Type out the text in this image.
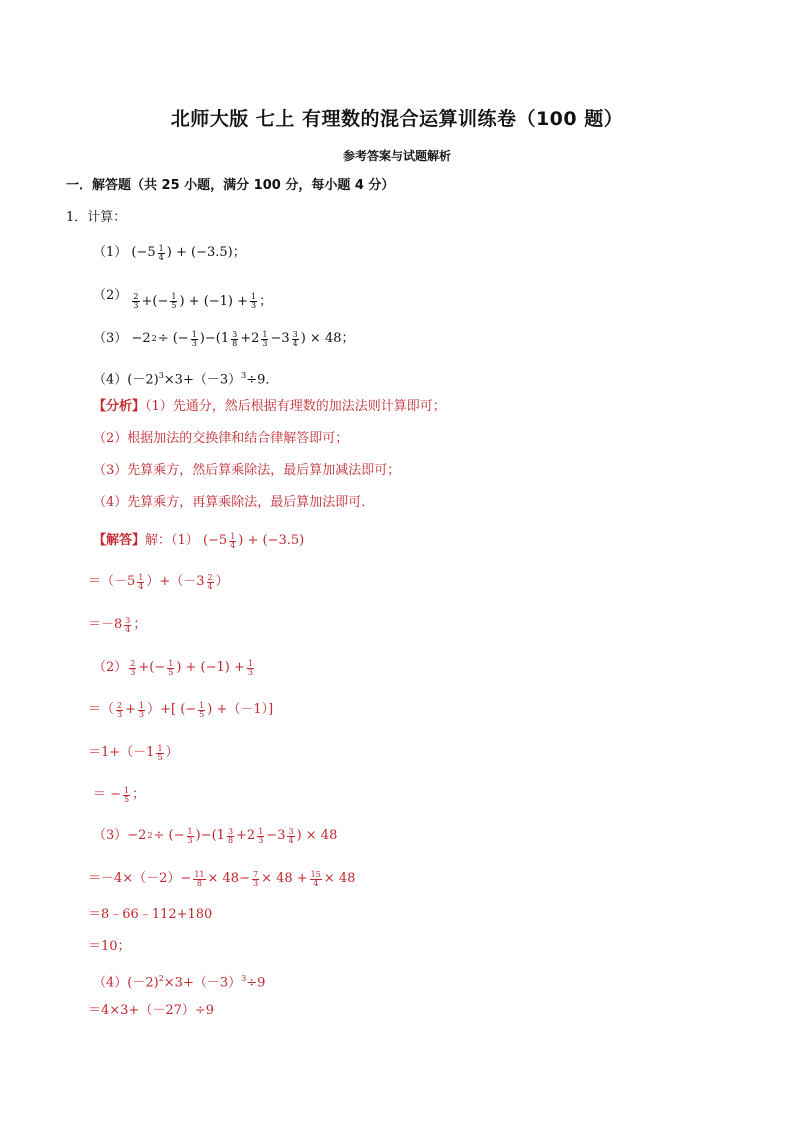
北师大版 七上 有理数的混合运算训练卷（100 题）
参考答案与试题解析
一．解答题（共 25 小题，满分 100 分，每小题 4 分）
1．计算：
（1） ($-5 \frac{1}{4}$ ) + (−3.5)；
$(2) \frac{2}{3}$ +(− $\frac{1}{5}$ ) + $(-1) + \frac{1}{3}$ ；
（3） −2 2 ÷ (− $\frac{1}{3} )-(1 \frac{3}{8} +2 \frac{1}{3} -3 \frac{3}{4}$ ) × 48；
$(4)(-2)^3\times 3+(-3)^3\div 9$．
【分析】（1）先通分，然后根据有理数的加法法则计算即可；
（2）根据加法的交换律和结合律解答即可；
（3）先算乘方，然后算乘除法，最后算加减法即可；
（4）先算乘方，再算乘除法，最后算加法即可．
【解答】解：（1） ($-5 \frac{1}{4}$ ) + (−3.5)
$=(-5 \frac{1}{4} )+(-3 \frac{2}{4}$ ）
$=-8 \frac{3}{4}$ ；
$(2) \frac{2}{3}$ +(− $\frac{1}{5}$ ) + $(-1) + \frac{1}{3}$
＝（ $\frac{2}{3} + \frac{1}{3}$ ）+[ (− $\frac{1}{5}$ ) +（－1）]
$=1+(-1 \frac{1}{5}$ ）
＝ − $\frac{1}{5}$ ；
（3）−2 2 ÷ (− $\frac{1}{3} )-(1 \frac{3}{8} +2 \frac{1}{3} -3 \frac{3}{4}$ ) × 48
$=-4\times(-2)- \frac{11}{8} \times 48- \frac{7}{3} \times 48 + \frac{15}{4} \times 48$
＝8﹣66﹣112+180
＝10；
$(4)(-2)^2\times 3+(-3)^3\div 9$
＝4×3+（－27）÷9
